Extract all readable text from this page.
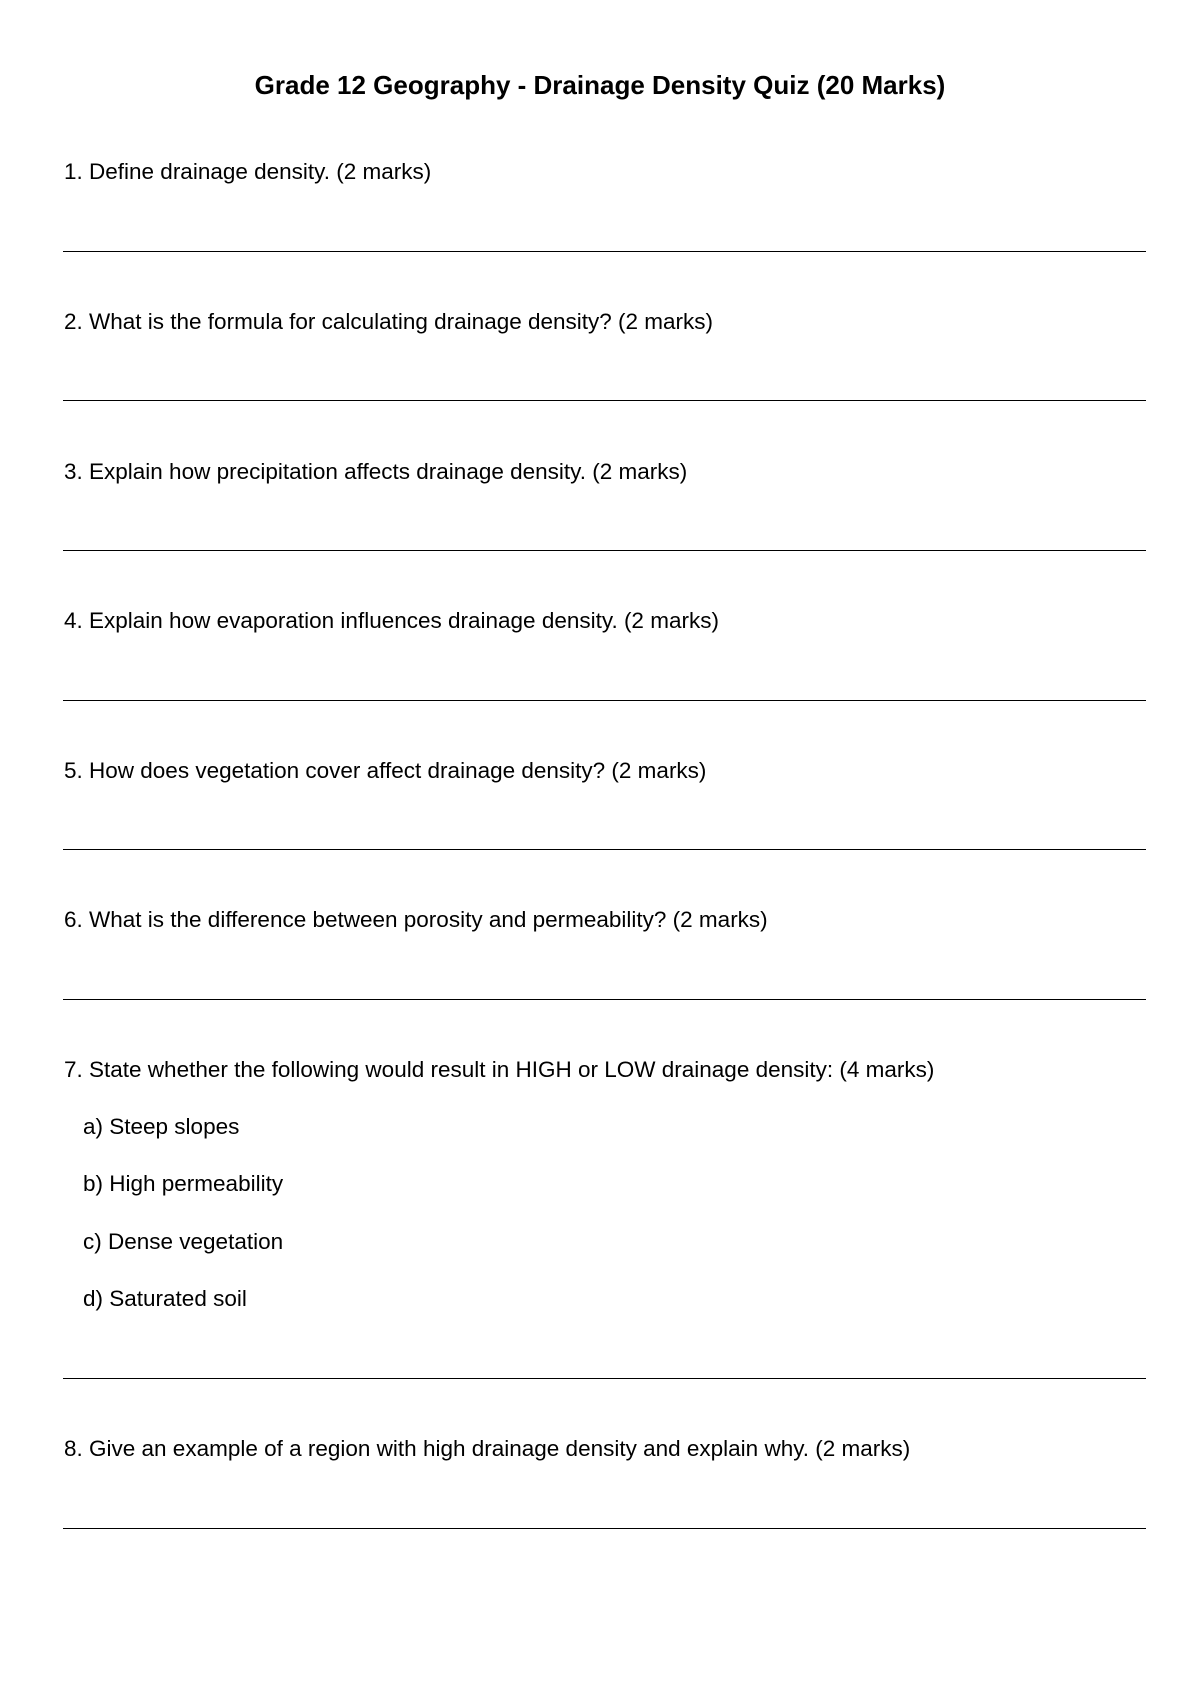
Grade 12 Geography - Drainage Density Quiz (20 Marks)
1. Define drainage density. (2 marks)
2. What is the formula for calculating drainage density? (2 marks)
3. Explain how precipitation affects drainage density. (2 marks)
4. Explain how evaporation influences drainage density. (2 marks)
5. How does vegetation cover affect drainage density? (2 marks)
6. What is the difference between porosity and permeability? (2 marks)
7. State whether the following would result in HIGH or LOW drainage density: (4 marks)
a) Steep slopes
b) High permeability
c) Dense vegetation
d) Saturated soil
8. Give an example of a region with high drainage density and explain why. (2 marks)
